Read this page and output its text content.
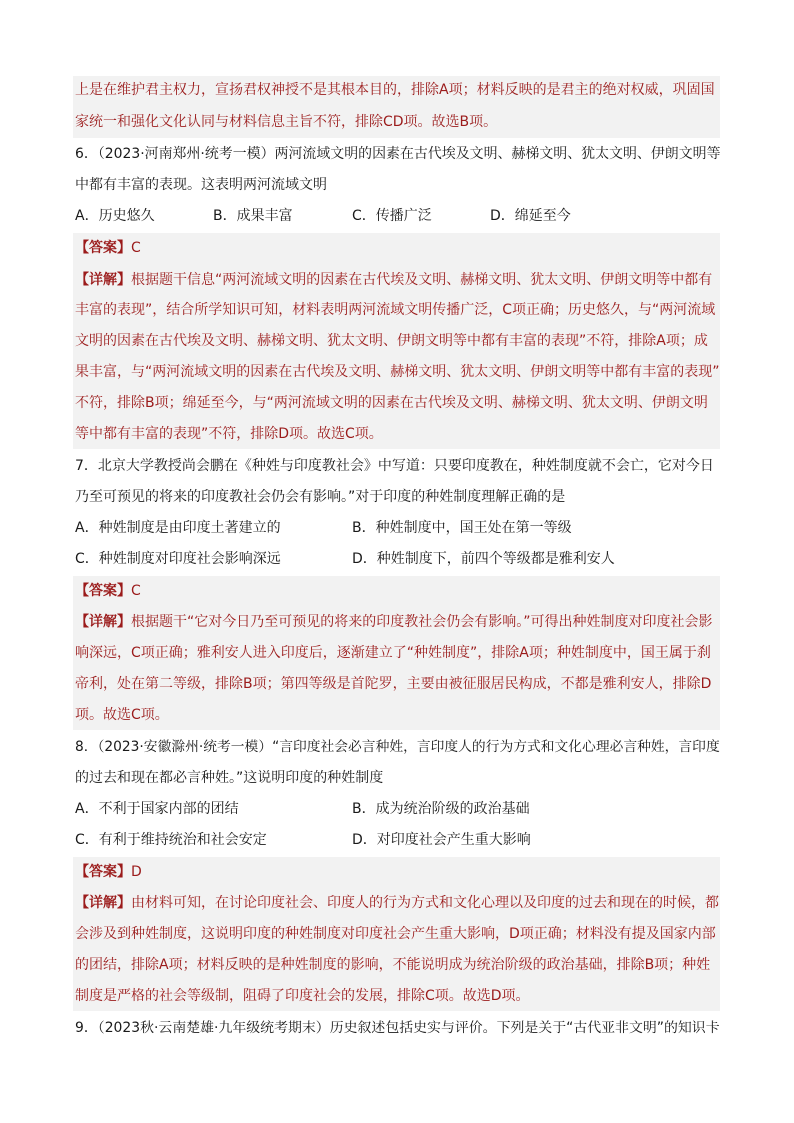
上是在维护君主权力，宣扬君权神授不是其根本目的，排除A项；材料反映的是君主的绝对权威，巩固国
家统一和强化文化认同与材料信息主旨不符，排除CD项。故选B项。
6．（2023·河南郑州·统考一模）两河流域文明的因素在古代埃及文明、赫梯文明、犹太文明、伊朗文明等
中都有丰富的表现。这表明两河流域文明
A．历史悠久	B．成果丰富	C．传播广泛	D．绵延至今
【答案】C
【详解】根据题干信息“两河流域文明的因素在古代埃及文明、赫梯文明、犹太文明、伊朗文明等中都有
丰富的表现”，结合所学知识可知，材料表明两河流域文明传播广泛，C项正确；历史悠久，与“两河流域
文明的因素在古代埃及文明、赫梯文明、犹太文明、伊朗文明等中都有丰富的表现”不符，排除A项；成
果丰富，与“两河流域文明的因素在古代埃及文明、赫梯文明、犹太文明、伊朗文明等中都有丰富的表现”
不符，排除B项；绵延至今，与“两河流域文明的因素在古代埃及文明、赫梯文明、犹太文明、伊朗文明
等中都有丰富的表现”不符，排除D项。故选C项。
7．北京大学教授尚会鹏在《种姓与印度教社会》中写道：只要印度教在，种姓制度就不会亡，它对今日
乃至可预见的将来的印度教社会仍会有影响。”对于印度的种姓制度理解正确的是
A．种姓制度是由印度土著建立的	B．种姓制度中，国王处在第一等级
C．种姓制度对印度社会影响深远	D．种姓制度下，前四个等级都是雅利安人
【答案】C
【详解】根据题干“它对今日乃至可预见的将来的印度教社会仍会有影响。”可得出种姓制度对印度社会影
响深远，C项正确；雅利安人进入印度后，逐渐建立了“种姓制度”，排除A项；种姓制度中，国王属于刹
帝利，处在第二等级，排除B项；第四等级是首陀罗，主要由被征服居民构成，不都是雅利安人，排除D
项。故选C项。
8．（2023·安徽滁州·统考一模）“言印度社会必言种姓，言印度人的行为方式和文化心理必言种姓，言印度
的过去和现在都必言种姓。”这说明印度的种姓制度
A．不利于国家内部的团结	B．成为统治阶级的政治基础
C．有利于维持统治和社会安定	D．对印度社会产生重大影响
【答案】D
【详解】由材料可知，在讨论印度社会、印度人的行为方式和文化心理以及印度的过去和现在的时候，都
会涉及到种姓制度，这说明印度的种姓制度对印度社会产生重大影响，D项正确；材料没有提及国家内部
的团结，排除A项；材料反映的是种姓制度的影响，不能说明成为统治阶级的政治基础，排除B项；种姓
制度是严格的社会等级制，阻碍了印度社会的发展，排除C项。故选D项。
9．（2023秋·云南楚雄·九年级统考期末）历史叙述包括史实与评价。下列是关于“古代亚非文明”的知识卡
